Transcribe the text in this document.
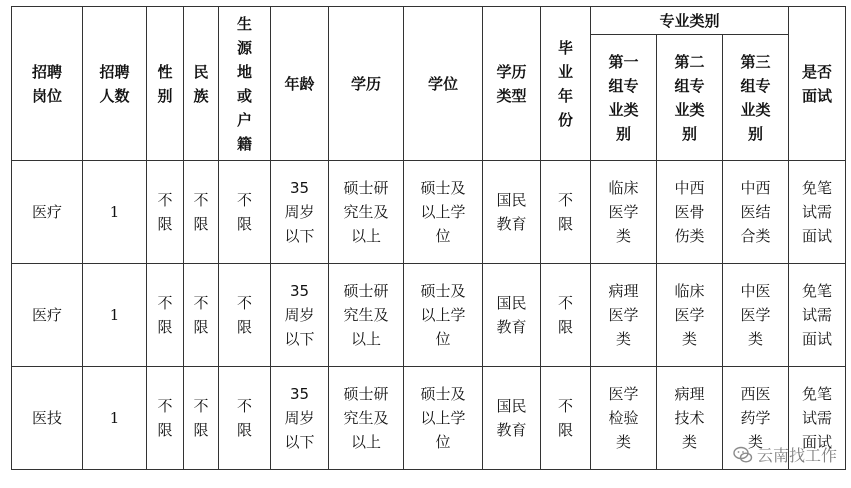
招聘岗位	招聘人数	性别	民族	生源地或户籍	年龄	学历	学位	学历类型	毕业年份	专业类别			是否面试
										第一组专业类别	第二组专业类别	第三组专业类别	
医疗	1	不限	不限	不限	35周岁以下	硕士研究生及以上	硕士及以上学位	国民教育	不限	临床医学类	中西医骨伤类	中西医结合类	免笔试需面试
医疗	1	不限	不限	不限	35周岁以下	硕士研究生及以上	硕士及以上学位	国民教育	不限	病理医学类	临床医学类	中医医学类	免笔试需面试
医技	1	不限	不限	不限	35周岁以下	硕士研究生及以上	硕士及以上学位	国民教育	不限	医学检验类	病理技术类	西医药学类	免笔试需面试
云南找工作
